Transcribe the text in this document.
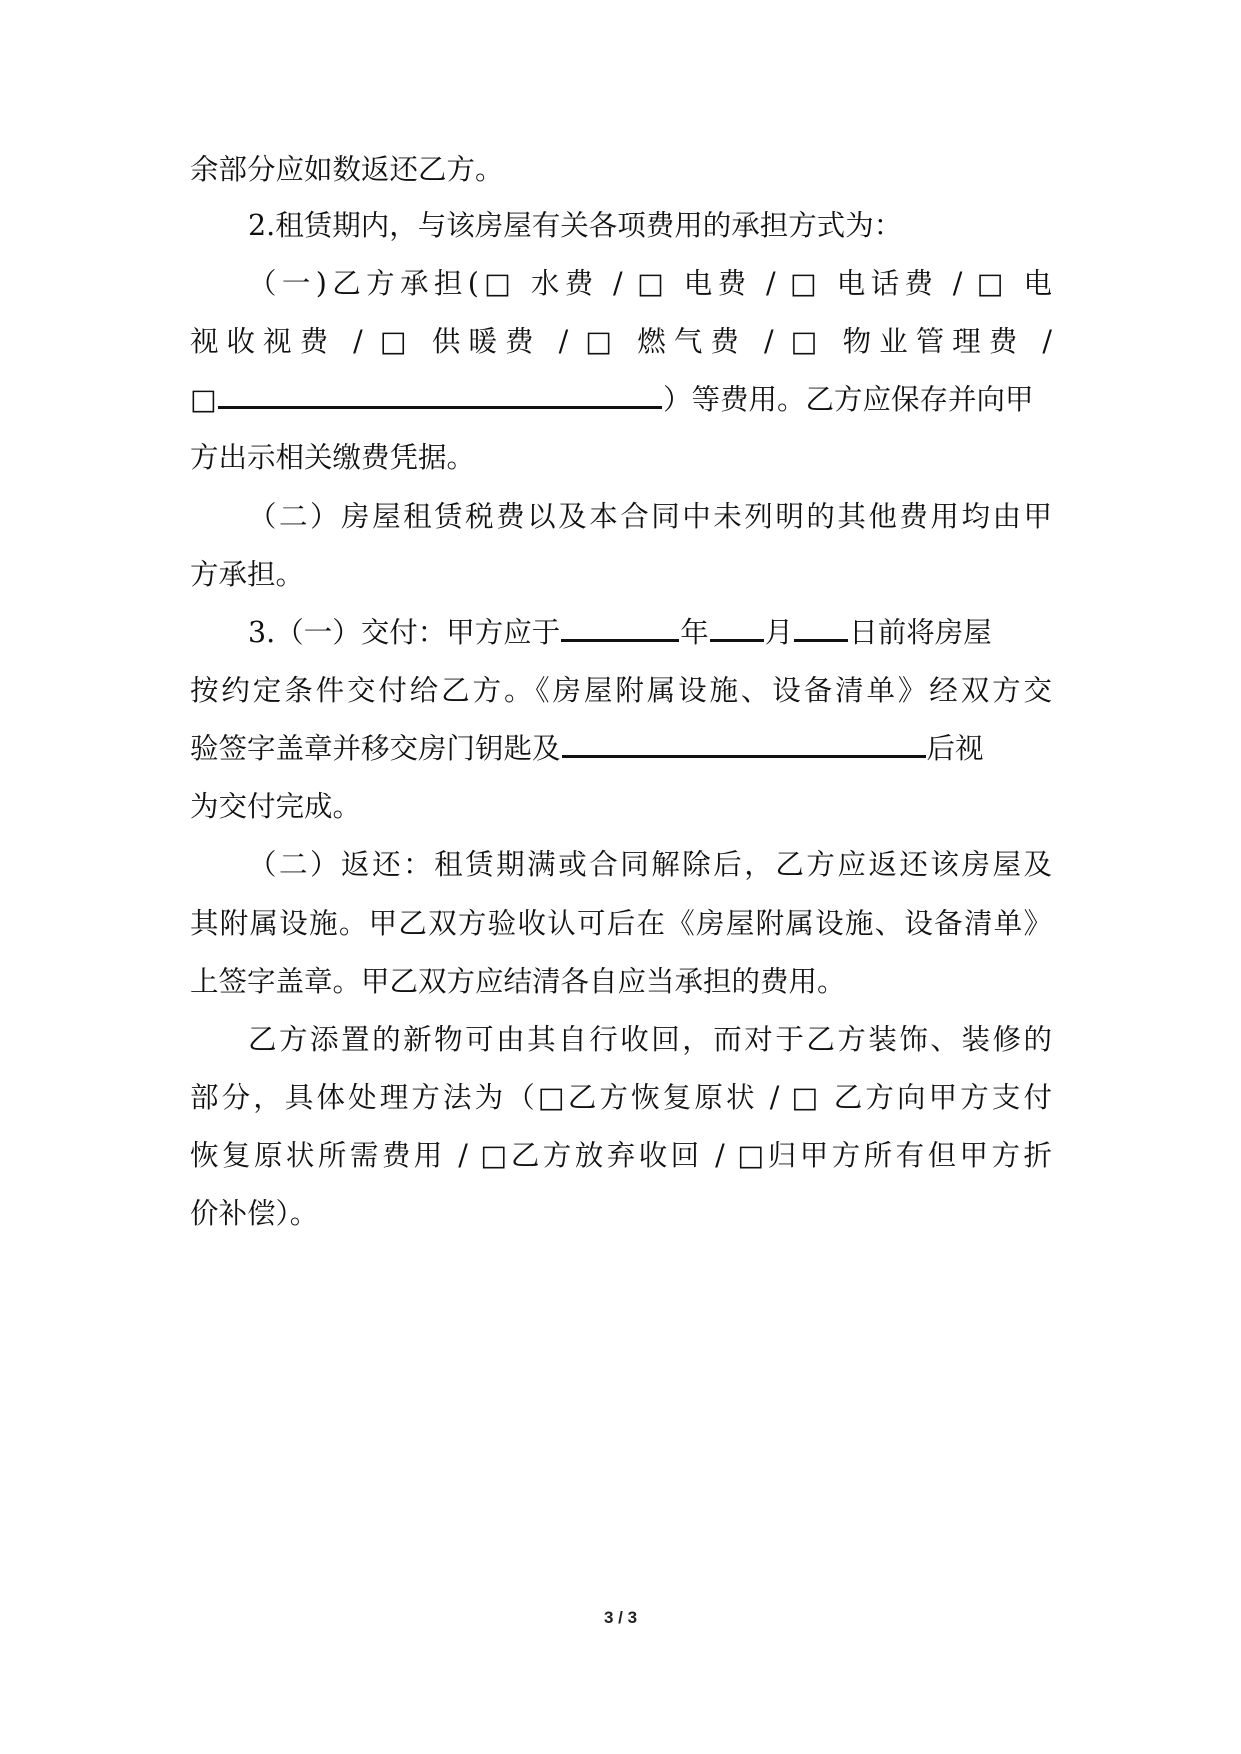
余部分应如数返还乙方。
2.租赁期内，与该房屋有关各项费用的承担方式为：
（一)乙方承担(□ 水费 / □ 电费 / □ 电话费 / □ 电
视收视费 / □ 供暖费 / □ 燃气费 / □ 物业管理费 /
□	）等费用。乙方应保存并向甲
方出示相关缴费凭据。
（二）房屋租赁税费以及本合同中未列明的其他费用均由甲
方承担。
3.（一）交付：甲方应于	年 月 日前将房屋
按约定条件交付给乙方。《房屋附属设施、设备清单》经双方交
验签字盖章并移交房门钥匙及	后视
为交付完成。
（二）返还：租赁期满或合同解除后，乙方应返还该房屋及
其附属设施。甲乙双方验收认可后在《房屋附属设施、设备清单》
上签字盖章。甲乙双方应结清各自应当承担的费用。
乙方添置的新物可由其自行收回，而对于乙方装饰、装修的
部分，具体处理方法为（□乙方恢复原状 / □ 乙方向甲方支付
恢复原状所需费用 / □乙方放弃收回 / □归甲方所有但甲方折
价补偿）。
3 / 3
